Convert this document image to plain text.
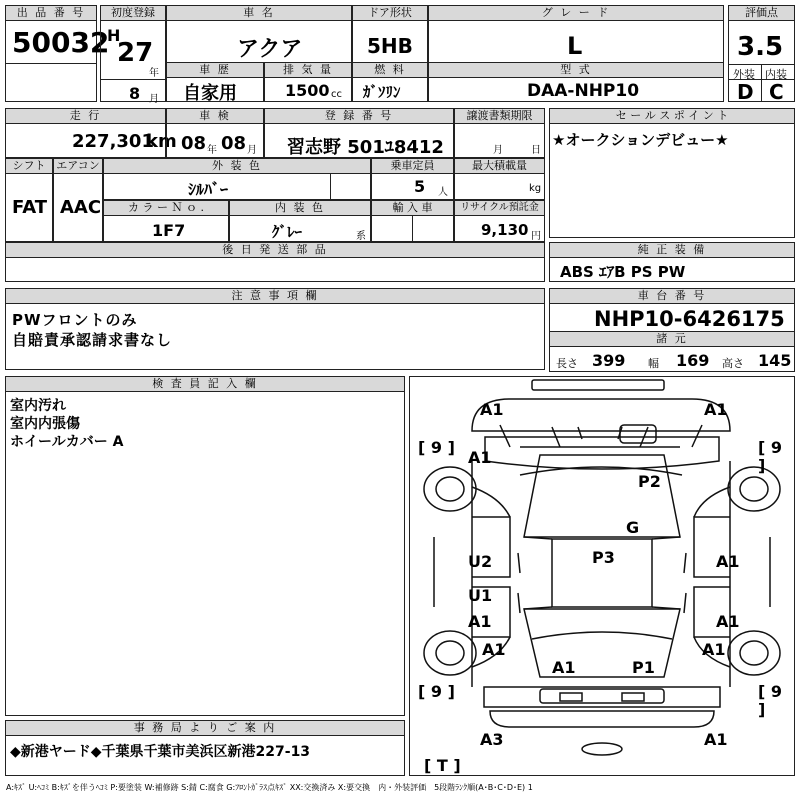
出 品 番 号
50032
初度登録
H
27
年
8 月
車 名
アクア
ドア形状
5HB
グ レ ー ド
L
評価点
3.5
外装 内装
D C
車 歴
自家用
排 気 量
1500 cc
燃 料
ｶﾞｿﾘﾝ
型 式
DAA-NHP10
走 行
227,301
km
車 検
08 年 08 月
登 録 番 号
習志野 501ﾕ8412
譲渡書類期限
月	日
セ ー ル ス ポ イ ン ト
★オークションデビュー★
シフト
FAT
エアコン
AAC
外 装 色
ｼﾙﾊﾞｰ
乗車定員
5 人
最大積載量
kg
カ ラ ー Ｎ ｏ .
1F7
内 装 色
ｸﾞﾚｰ	系
輸 入 車	リサイクル預託金
9,130 円
後 日 発 送 部 品	純 正 装 備
ABS ｴｱB PS PW
注 意 事 項 欄
PWフロントのみ
自賠責承認請求書なし
車 台 番 号
NHP10-6426175
諸 元
長さ 399 幅 169 高さ 145
検 査 員 記 入 欄
室内汚れ
室内内張傷
ホイールカバー A	[ 9 ]	[ 9 ]
[ 9 ]	[ 9 ]
[ T ]
A1	A1
A1
P2
G
U2	P3	A1
U1
A1	A1
A1	A1
A1	P1
A1
A3
事 務 局 よ り ご 案 内
◆新港ヤード◆千葉県千葉市美浜区新港227-13
A:ｷｽﾞ U:ﾍｺﾐ B:ｷｽﾞを伴うﾍｺﾐ P:要塗装 W:補修跡 S:錆 C:腐食 G:ﾌﾛﾝﾄｶﾞﾗｽ点ｷｽﾞ XX:交換済み X:要交換　内・外装評価　5段階ﾗﾝｸ順(A･B･C･D･E) 1
